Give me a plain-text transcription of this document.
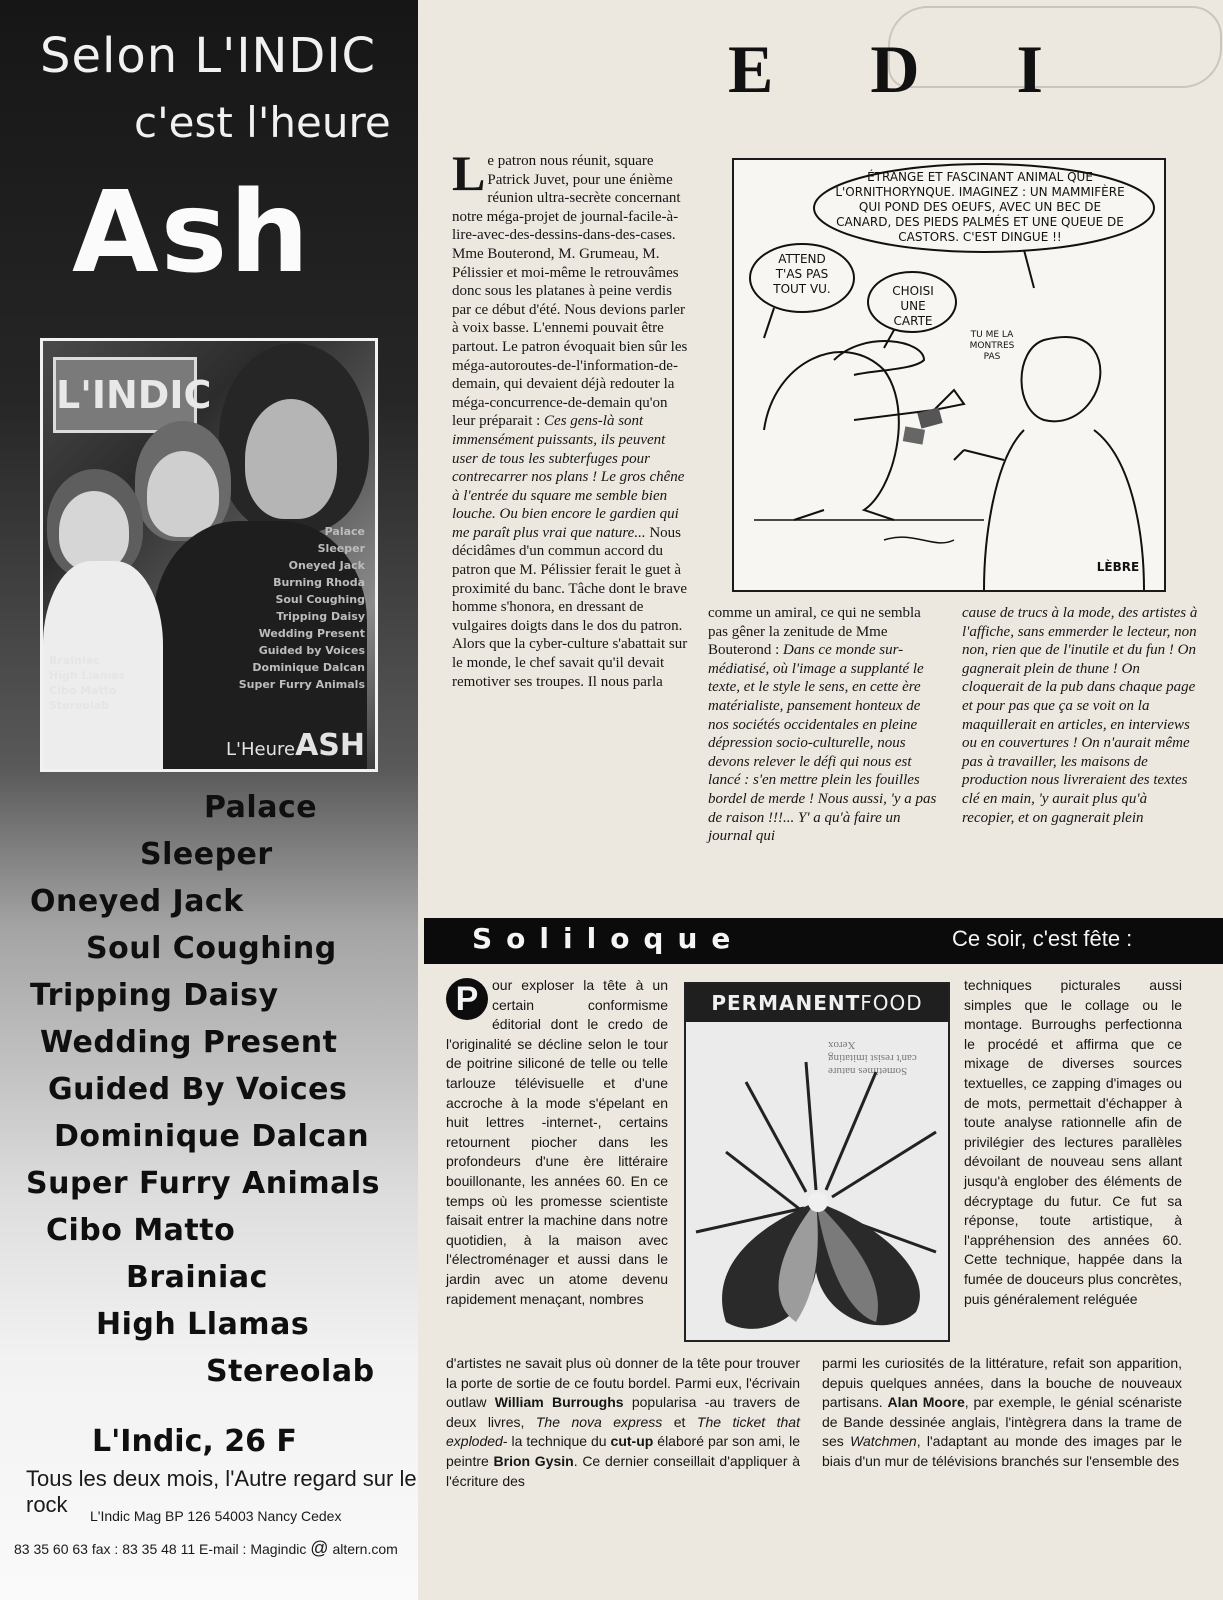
Selon L'INDIC
c'est l'heure
Ash
L'INDIC
Palace
Sleeper
Oneyed Jack
Burning Rhoda
Soul Coughing
Tripping Daisy
Wedding Present
Guided by Voices
Dominique Dalcan
Super Furry Animals
Brainiac
High Llamas
Cibo Matto
Stereolab
L'HeureASH
Palace
Sleeper
Oneyed Jack
Soul Coughing
Tripping Daisy
Wedding Present
Guided By Voices
Dominique Dalcan
Super Furry Animals
Cibo Matto
Brainiac
High Llamas
Stereolab
L'Indic, 26 F
Tous les deux mois, l'Autre regard sur le rock	L'Indic Mag BP 126 54003 Nancy Cedex
83 35 60 63 fax : 83 35 48 11 E-mail : Magindic @ altern.com
E D I

Le patron nous réunit, square Patrick Juvet, pour une énième réunion ultra-secrète concernant notre méga-projet de journal-facile-à-lire-avec-des-dessins-dans-des-cases. Mme Bouterond, M. Grumeau, M. Pélissier et moi-même le retrouvâmes donc sous les platanes à peine verdis par ce début d'été. Nous devions parler à voix basse. L'ennemi pouvait être partout. Le patron évoquait bien sûr les méga-autoroutes-de-l'information-de-demain, qui devaient déjà redouter la méga-concurrence-de-demain qu'on leur préparait : Ces gens-là sont immensément puissants, ils peuvent user de tous les subterfuges pour contrecarrer nos plans ! Le gros chêne à l'entrée du square me semble bien louche. Ou bien encore le gardien qui me paraît plus vrai que nature... Nous décidâmes d'un commun accord du patron que M. Pélissier ferait le guet à proximité du banc. Tâche dont le brave homme s'honora, en dressant de vulgaires doigts dans le dos du patron. Alors que la cyber-culture s'abattait sur le monde, le chef savait qu'il devait remotiver ses troupes. Il nous parla

ÉTRANGE ET FASCINANT ANIMAL QUE L'ORNITHORYNQUE. IMAGINEZ : UN MAMMIFÈRE QUI POND DES OEUFS, AVEC UN BEC DE CANARD, DES PIEDS PALMÉS ET UNE QUEUE DE CASTORS. C'EST DINGUE !!
ATTEND T'AS PAS TOUT VU.	CHOISI UNE CARTE
TU ME LA MONTRES PAS
LÈBRE

comme un amiral, ce qui ne sembla pas gêner la zenitude de Mme Bouterond : Dans ce monde sur-médiatisé, où l'image a supplanté le texte, et le style le sens, en cette ère matérialiste, pansement honteux de nos sociétés occidentales en pleine dépression socio-culturelle, nous devons relever le défi qui nous est lancé : s'en mettre plein les fouilles bordel de merde ! Nous aussi, 'y a pas de raison !!!... Y' a qu'à faire un journal qui

cause de trucs à la mode, des artistes à l'affiche, sans emmerder le lecteur, non non, rien que de l'inutile et du fun ! On gagnerait plein de thune ! On cloquerait de la pub dans chaque page et pour pas que ça se voit on la maquillerait en articles, en interviews ou en couvertures ! On n'aurait même pas à travailler, les maisons de production nous livreraient des textes clé en main, 'y aurait plus qu'à recopier, et on gagnerait plein

Soliloque	Ce soir, c'est fête :

P our exploser la tête à un certain conformisme éditorial dont le credo de l'originalité se décline selon le tour de poitrine siliconé de telle ou telle tarlouze télévisuelle et d'une accroche à la mode s'épelant en huit lettres -internet-, certains retournent piocher dans les profondeurs d'une ère littéraire bouillonante, les années 60. En ce temps où les promesse scientiste faisait entrer la machine dans notre quotidien, à la maison avec l'électroménager et aussi dans le jardin avec un atome devenu rapidement menaçant, nombres

PERMANENTFOOD
Sometimes nature can't resist imitating Xerox

techniques picturales aussi simples que le collage ou le montage. Burroughs perfectionna le procédé et affirma que ce mixage de diverses sources textuelles, ce zapping d'images ou de mots, permettait d'échapper à toute analyse rationnelle afin de privilégier des lectures parallèles dévoilant de nouveau sens allant jusqu'à englober des éléments de décryptage du futur. Ce fut sa réponse, toute artistique, à l'appréhension des années 60. Cette technique, happée dans la fumée de douceurs plus concrètes, puis généralement reléguée

d'artistes ne savait plus où donner de la tête pour trouver la porte de sortie de ce foutu bordel. Parmi eux, l'écrivain outlaw William Burroughs popularisa -au travers de deux livres, The nova express et The ticket that exploded- la technique du cut-up élaboré par son ami, le peintre Brion Gysin. Ce dernier conseillait d'appliquer à l'écriture des

parmi les curiosités de la littérature, refait son apparition, depuis quelques années, dans la bouche de nouveaux partisans. Alan Moore, par exemple, le génial scénariste de Bande dessinée anglais, l'intègrera dans la trame de ses Watchmen, l'adaptant au monde des images par le biais d'un mur de télévisions branchés sur l'ensemble des
